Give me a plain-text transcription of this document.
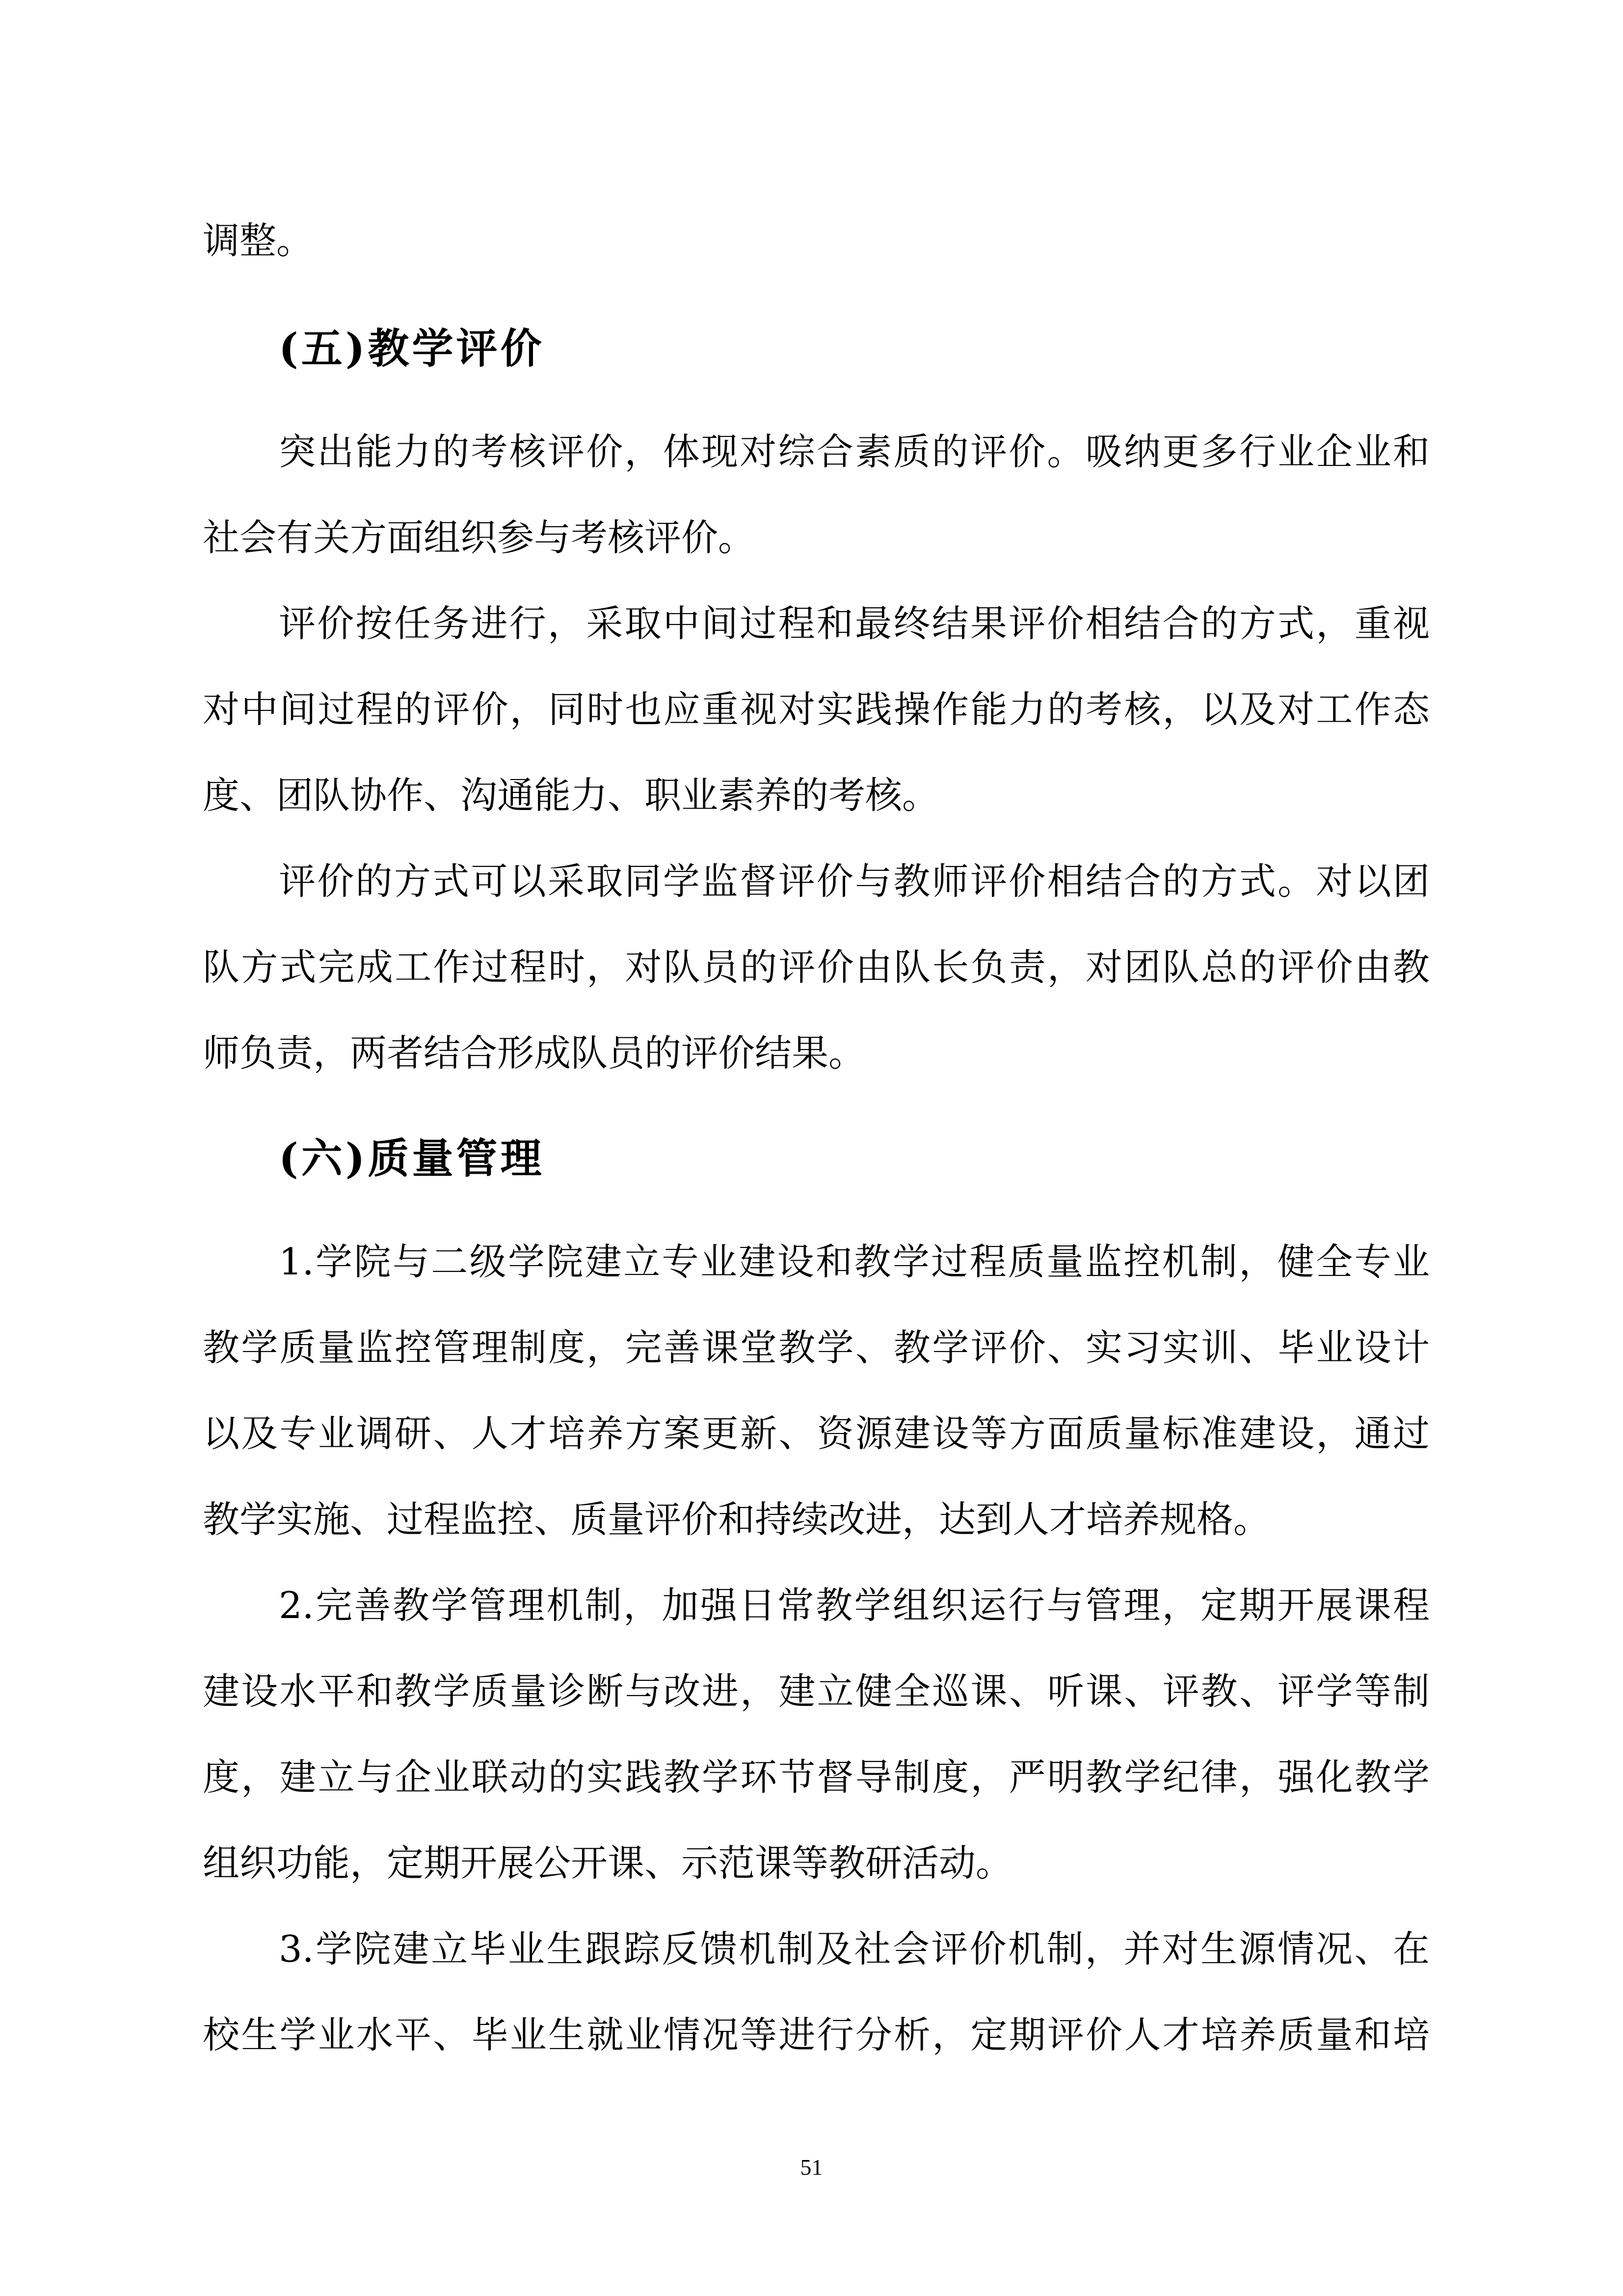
调整。
(五)教学评价
突出能力的考核评价，体现对综合素质的评价。吸纳更多行业企业和
社会有关方面组织参与考核评价。
评价按任务进行，采取中间过程和最终结果评价相结合的方式，重视
对中间过程的评价，同时也应重视对实践操作能力的考核，以及对工作态
度、团队协作、沟通能力、职业素养的考核。
评价的方式可以采取同学监督评价与教师评价相结合的方式。对以团
队方式完成工作过程时，对队员的评价由队长负责，对团队总的评价由教
师负责，两者结合形成队员的评价结果。
(六)质量管理
1.学院与二级学院建立专业建设和教学过程质量监控机制，健全专业
教学质量监控管理制度，完善课堂教学、教学评价、实习实训、毕业设计
以及专业调研、人才培养方案更新、资源建设等方面质量标准建设，通过
教学实施、过程监控、质量评价和持续改进，达到人才培养规格。
2.完善教学管理机制，加强日常教学组织运行与管理，定期开展课程
建设水平和教学质量诊断与改进，建立健全巡课、听课、评教、评学等制
度，建立与企业联动的实践教学环节督导制度，严明教学纪律，强化教学
组织功能，定期开展公开课、示范课等教研活动。
3.学院建立毕业生跟踪反馈机制及社会评价机制，并对生源情况、在
校生学业水平、毕业生就业情况等进行分析，定期评价人才培养质量和培
51
